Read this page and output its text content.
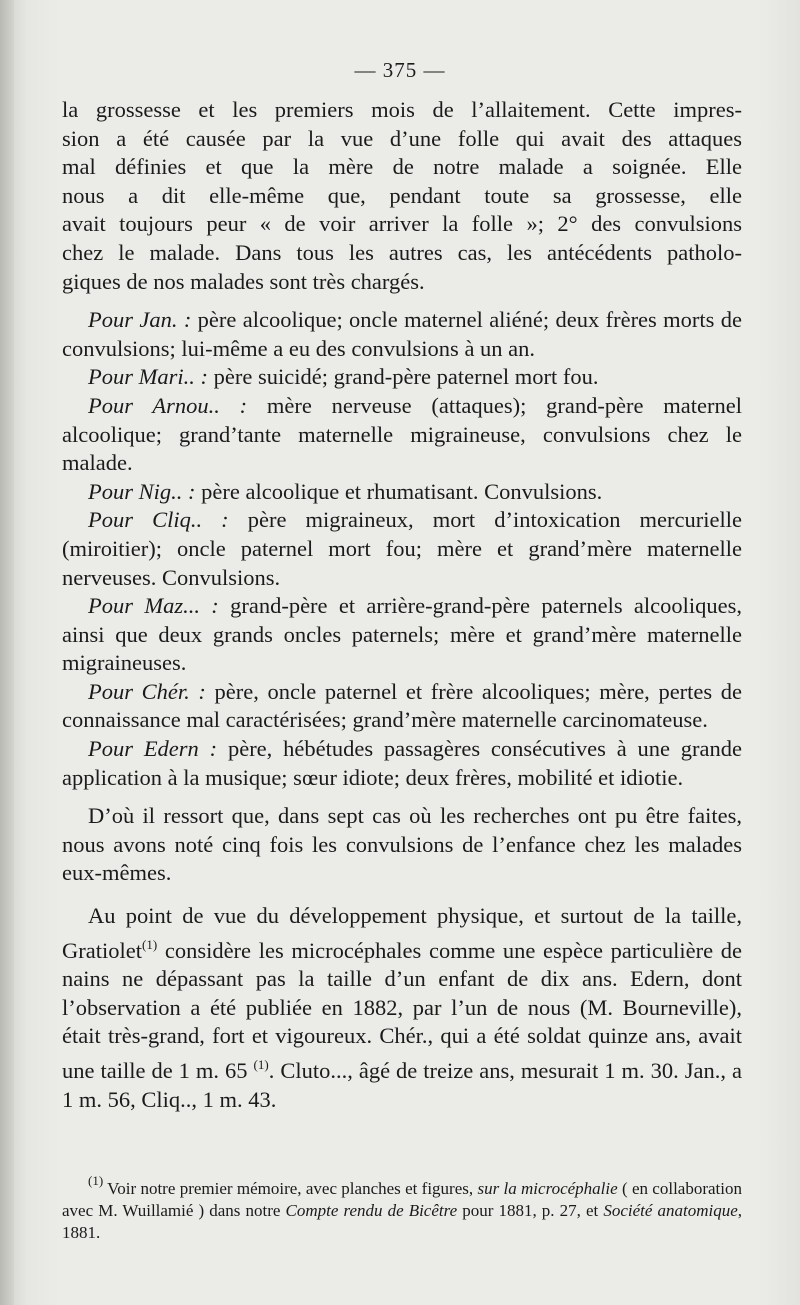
— 375 —

la grossesse et les premiers mois de l’allaitement. Cette impres-

sion a été causée par la vue d’une folle qui avait des attaques

mal définies et que la mère de notre malade a soignée. Elle

nous a dit elle-même que, pendant toute sa grossesse, elle

avait toujours peur « de voir arriver la folle »; 2° des convulsions

chez le malade. Dans tous les autres cas, les antécédents patholo-

giques de nos malades sont très chargés.

Pour Jan. : père alcoolique; oncle maternel aliéné; deux frères morts de convulsions; lui-même a eu des convulsions à un an.

Pour Mari.. : père suicidé; grand-père paternel mort fou.

Pour Arnou.. : mère nerveuse (attaques); grand-père maternel alcoolique; grand’tante maternelle migraineuse, convulsions chez le malade.

Pour Nig.. : père alcoolique et rhumatisant. Convulsions.

Pour Cliq.. : père migraineux, mort d’intoxication mercurielle (miroitier); oncle paternel mort fou; mère et grand’mère maternelle nerveuses. Convulsions.

Pour Maz... : grand-père et arrière-grand-père paternels alcooliques, ainsi que deux grands oncles paternels; mère et grand’mère maternelle migraineuses.

Pour Chér. : père, oncle paternel et frère alcooliques; mère, pertes de connaissance mal caractérisées; grand’mère maternelle carcinomateuse.

Pour Edern : père, hébétudes passagères consécutives à une grande application à la musique; sœur idiote; deux frères, mobilité et idiotie.

D’où il ressort que, dans sept cas où les recherches ont pu être faites, nous avons noté cinq fois les convulsions de l’enfance chez les malades eux-mêmes.

Au point de vue du développement physique, et surtout de la taille, Gratiolet$^{(1)}$ considère les microcéphales comme une espèce particulière de nains ne dépassant pas la taille d’un enfant de dix ans. Edern, dont l’observation a été publiée en 1882, par l’un de nous (M. Bourneville), était très-grand, fort et vigoureux. Chér., qui a été soldat quinze ans, avait une taille de 1 m. 65 $^{(1)}$. Cluto..., âgé de treize ans, mesurait 1 m. 30. Jan., a 1 m. 56, Cliq.., 1 m. 43.

$^{(1)}$ Voir notre premier mémoire, avec planches et figures, sur la microcéphalie ( en collaboration avec M. Wuillamié ) dans notre Compte rendu de Bicêtre pour 1881, p. 27, et Société anatomique, 1881.
